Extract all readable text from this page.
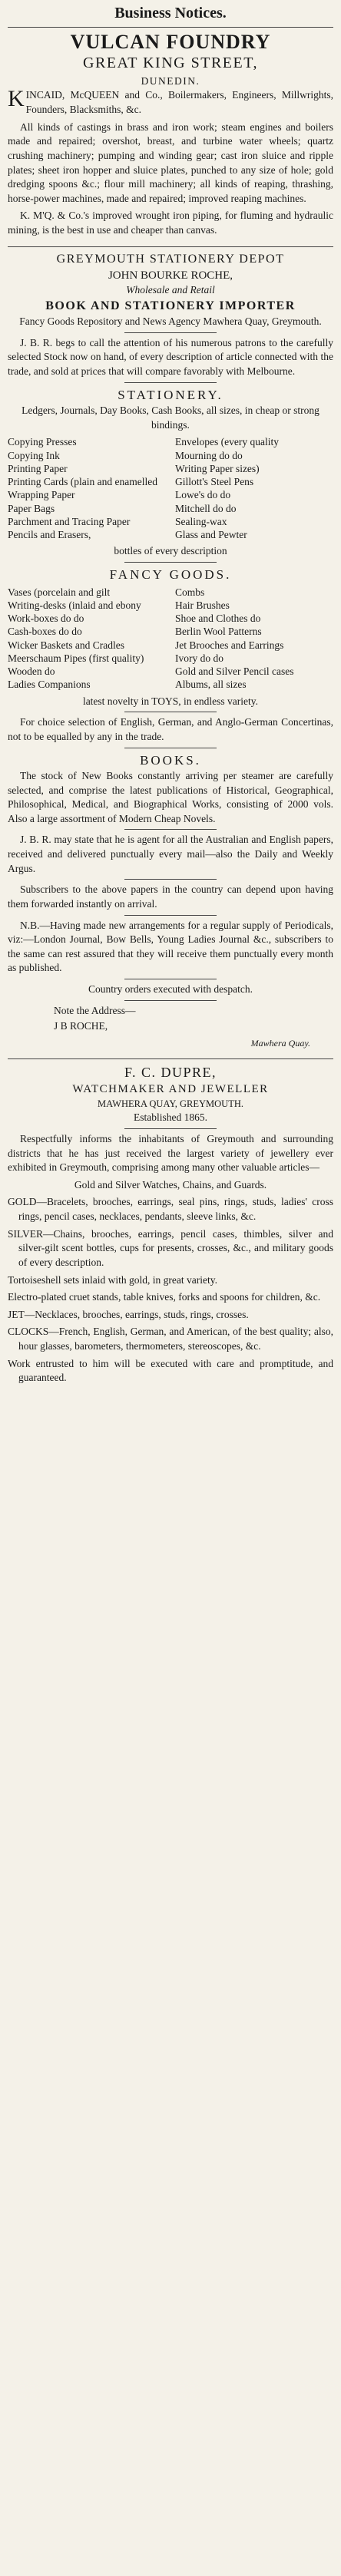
Business Notices.
VULCAN FOUNDRY
GREAT KING STREET,
DUNEDIN.

KINCAID, McQUEEN and Co., Boilermakers, Engineers, Millwrights, Founders, Blacksmiths, &c.

All kinds of castings in brass and iron work; steam engines and boilers made and repaired; overshot, breast, and turbine water wheels; quartz crushing machinery; pumping and winding gear; cast iron sluice and ripple plates; sheet iron hopper and sluice plates, punched to any size of hole; gold dredging spoons &c.; flour mill machinery; all kinds of reaping, thrashing, horse-power machines, made and repaired; improved reaping machines.

K. M'Q. & Co.'s improved wrought iron piping, for fluming and hydraulic mining, is the best in use and cheaper than canvas.

GREYMOUTH STATIONERY DEPOT
JOHN BOURKE ROCHE,
Wholesale and Retail
BOOK AND STATIONERY IMPORTER

Fancy Goods Repository and News Agency Mawhera Quay, Greymouth.

J. B. R. begs to call the attention of his numerous patrons to the carefully selected Stock now on hand, of every description of article connected with the trade, and sold at prices that will compare favorably with Melbourne.

STATIONERY.

Ledgers, Journals, Day Books, Cash Books, all sizes, in cheap or strong bindings.

Copying Presses
Copying Ink
Printing Paper
Printing Cards (plain and enamelled
Wrapping Paper
Paper Bags
Parchment and Tracing Paper
Pencils and Erasers,
Envelopes (every quality
Mourning do do
Writing Paper sizes)
Gillott's Steel Pens
Lowe's do do
Mitchell do do
Sealing-wax
Glass and Pewter
bottles of every description
FANCY GOODS.
Vases (porcelain and gilt
Writing-desks (inlaid and ebony
Work-boxes do do
Cash-boxes do do
Wicker Baskets and Cradles
Meerschaum Pipes (first quality)
Wooden do
Ladies Companions
Combs
Hair Brushes
Shoe and Clothes do
Berlin Wool Patterns
Jet Brooches and Earrings
Ivory do do
Gold and Silver Pencil cases
Albums, all sizes
latest novelty in TOYS, in endless variety.

For choice selection of English, German, and Anglo-German Concertinas, not to be equalled by any in the trade.

BOOKS.

The stock of New Books constantly arriving per steamer are carefully selected, and comprise the latest publications of Historical, Geographical, Philosophical, Medical, and Biographical Works, consisting of 2000 vols. Also a large assortment of Modern Cheap Novels.

J. B. R. may state that he is agent for all the Australian and English papers, received and delivered punctually every mail—also the Daily and Weekly Argus.

Subscribers to the above papers in the country can depend upon having them forwarded instantly on arrival.

N.B.—Having made new arrangements for a regular supply of Periodicals, viz:—London Journal, Bow Bells, Young Ladies Journal &c., subscribers to the same can rest assured that they will receive them punctually every month as published.

Country orders executed with despatch.
Note the Address—
J B ROCHE,
Mawhera Quay.
F. C. DUPRE,
WATCHMAKER AND JEWELLER
MAWHERA QUAY, GREYMOUTH.
Established 1865.

Respectfully informs the inhabitants of Greymouth and surrounding districts that he has just received the largest variety of jewellery ever exhibited in Greymouth, comprising among many other valuable articles—

Gold and Silver Watches, Chains, and Guards.

GOLD—Bracelets, brooches, earrings, seal pins, rings, studs, ladies' cross rings, pencil cases, necklaces, pendants, sleeve links, &c.

SILVER—Chains, brooches, earrings, pencil cases, thimbles, silver and silver-gilt scent bottles, cups for presents, crosses, &c., and military goods of every description.

Tortoiseshell sets inlaid with gold, in great variety.

Electro-plated cruet stands, table knives, forks and spoons for children, &c.

JET—Necklaces, brooches, earrings, studs, rings, crosses.

CLOCKS—French, English, German, and American, of the best quality; also, hour glasses, barometers, thermometers, stereoscopes, &c.

Work entrusted to him will be executed with care and promptitude, and guaranteed.
